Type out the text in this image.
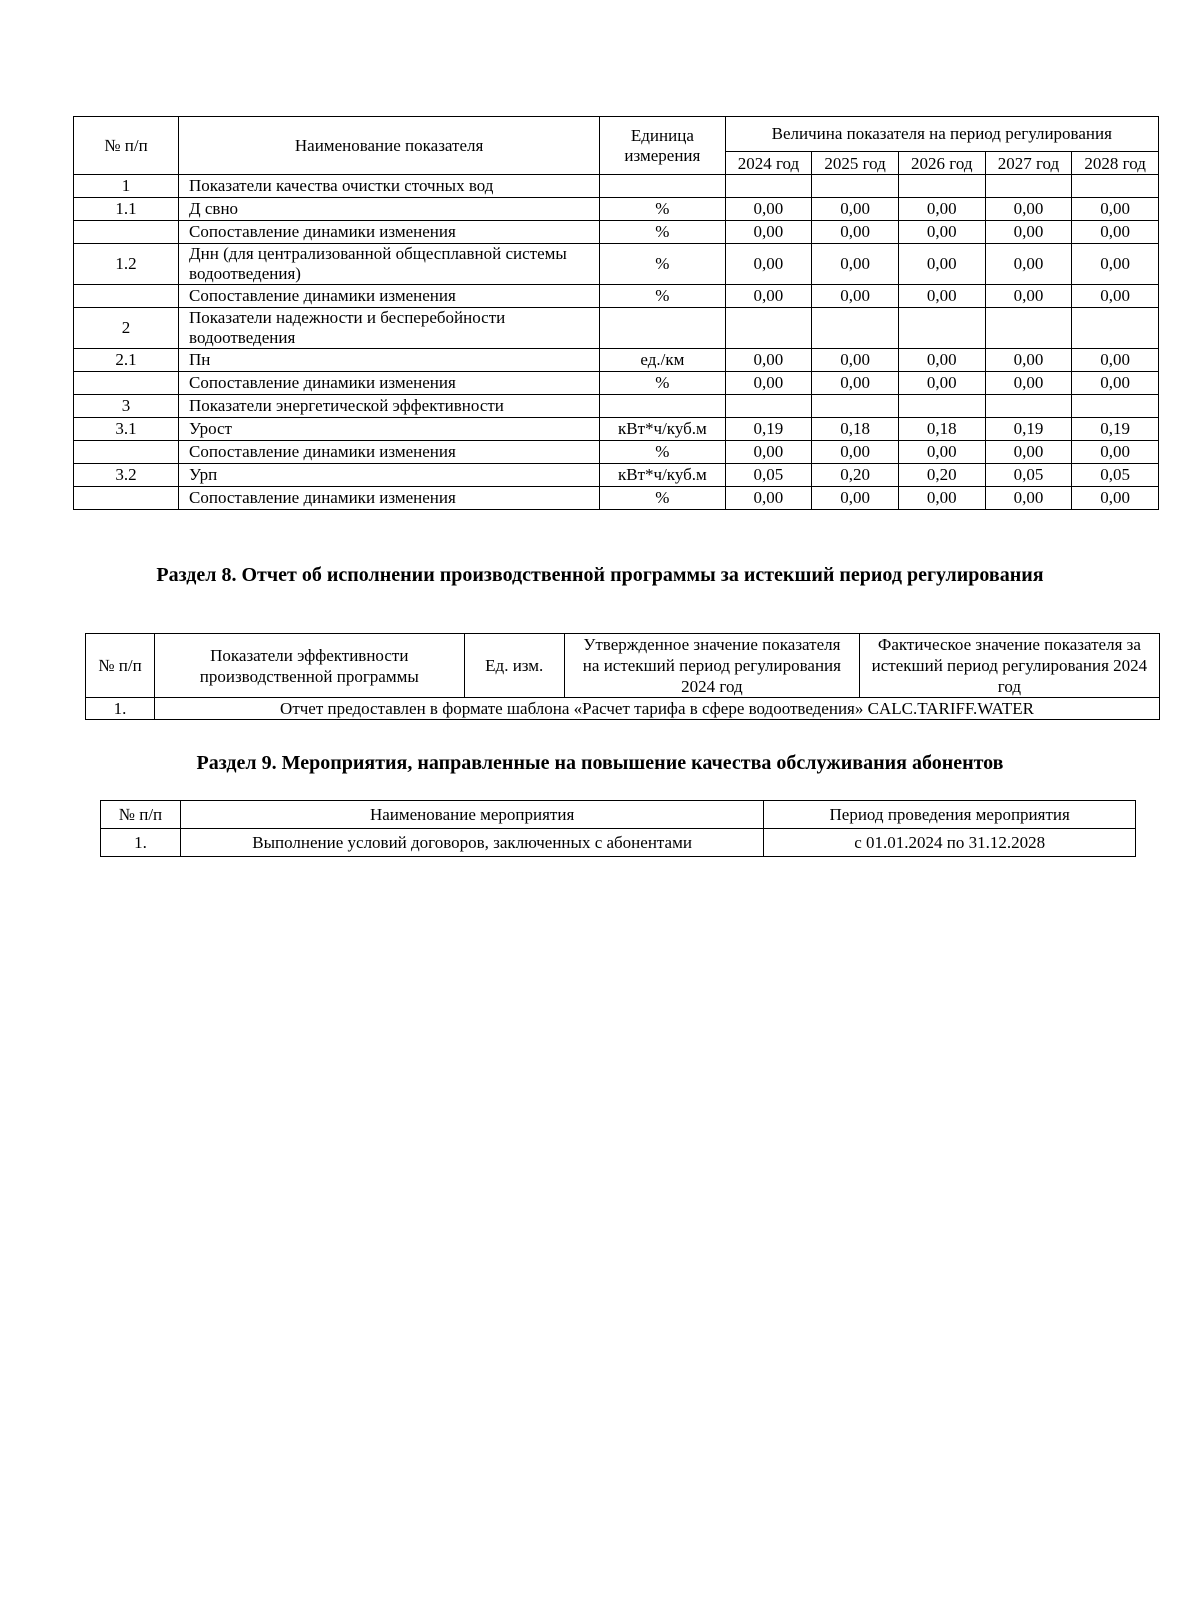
№ п/п	Наименование показателя	Единица измерения	Величина показателя на период регулирования				
			2024 год	2025 год	2026 год	2027 год	2028 год
1	Показатели качества очистки сточных вод						
1.1	Д свно	%	0,00	0,00	0,00	0,00	0,00
	Сопоставление динамики изменения	%	0,00	0,00	0,00	0,00	0,00
1.2	Днн (для централизованной общесплавной системы водоотведения)	%	0,00	0,00	0,00	0,00	0,00
	Сопоставление динамики изменения	%	0,00	0,00	0,00	0,00	0,00
2	Показатели надежности и бесперебойности водоотведения						
2.1	Пн	ед./км	0,00	0,00	0,00	0,00	0,00
	Сопоставление динамики изменения	%	0,00	0,00	0,00	0,00	0,00
3	Показатели энергетической эффективности						
3.1	Урост	кВт*ч/куб.м	0,19	0,18	0,18	0,19	0,19
	Сопоставление динамики изменения	%	0,00	0,00	0,00	0,00	0,00
3.2	Урп	кВт*ч/куб.м	0,05	0,20	0,20	0,05	0,05
	Сопоставление динамики изменения	%	0,00	0,00	0,00	0,00	0,00
Раздел 8. Отчет об исполнении производственной программы за истекший период регулирования
№ п/п	Показатели эффективности производственной программы	Ед. изм.	Утвержденное значение показателя на истекший период регулирования 2024 год	Фактическое значение показателя за истекший период регулирования 2024 год
1.	Отчет предоставлен в формате шаблона «Расчет тарифа в сфере водоотведения» CALC.TARIFF.WATER			
Раздел 9. Мероприятия, направленные на повышение качества обслуживания абонентов
№ п/п	Наименование мероприятия	Период проведения мероприятия
1.	Выполнение условий договоров, заключенных с абонентами	с 01.01.2024 по 31.12.2028
